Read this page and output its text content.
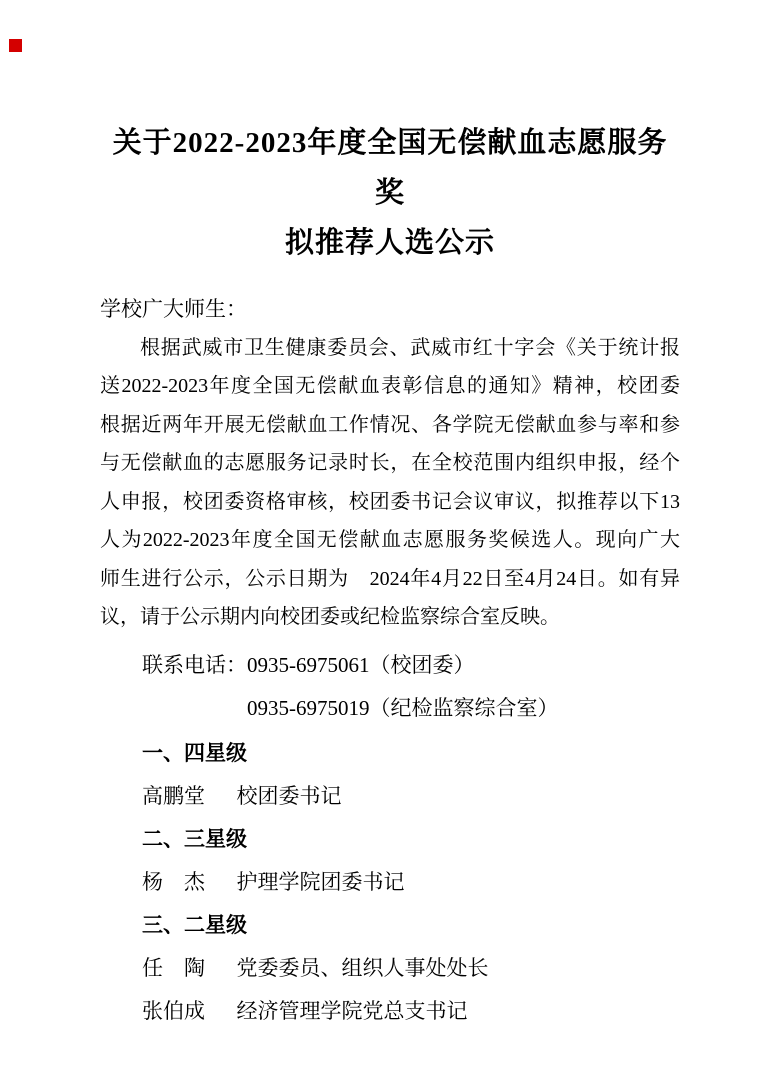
关于2022-2023年度全国无偿献血志愿服务奖
拟推荐人选公示
学校广大师生：
根据武威市卫生健康委员会、武威市红十字会《关于统计报
送2022-2023年度全国无偿献血表彰信息的通知》精神，校团委
根据近两年开展无偿献血工作情况、各学院无偿献血参与率和参
与无偿献血的志愿服务记录时长，在全校范围内组织申报，经个
人申报，校团委资格审核，校团委书记会议审议，拟推荐以下13
人为2022-2023年度全国无偿献血志愿服务奖候选人。现向广大
师生进行公示，公示日期为　2024年4月22日至4月24日。如有异
议，请于公示期内向校团委或纪检监察综合室反映。
联系电话：0935-6975061（校团委）
0935-6975019（纪检监察综合室）
一、四星级
高鹏堂 校团委书记
二、三星级
杨　杰 护理学院团委书记
三、二星级
任　陶 党委委员、组织人事处处长
张伯成 经济管理学院党总支书记
